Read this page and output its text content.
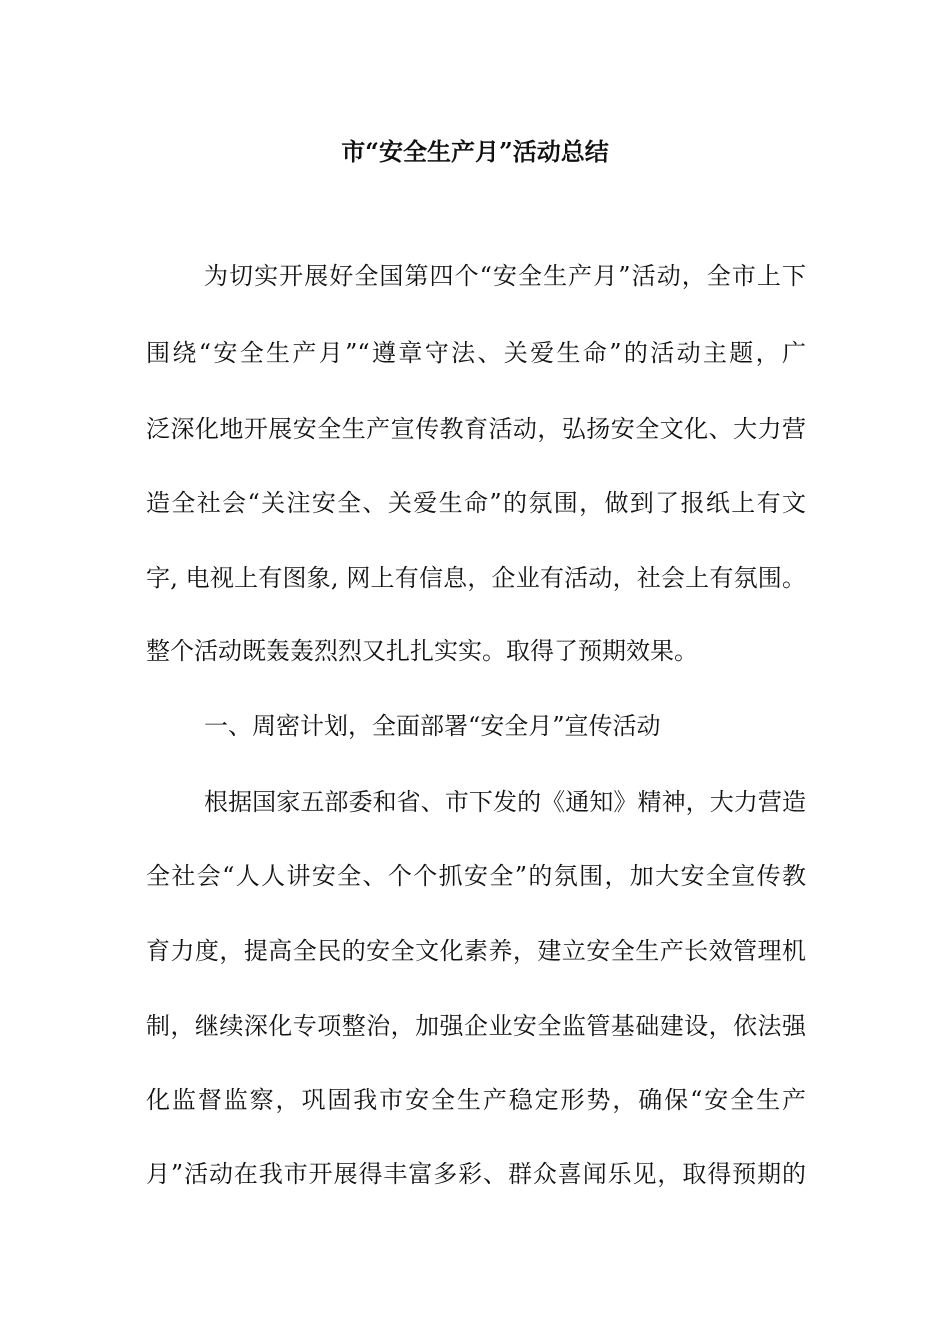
市“安全生产月”活动总结
为切实开展好全国第四个“安全生产月”活动，全市上下
围绕“安全生产月”“遵章守法、关爱生命”的活动主题，广
泛深化地开展安全生产宣传教育活动，弘扬安全文化、大力营
造全社会“关注安全、关爱生命”的氛围，做到了报纸上有文
字, 电视上有图象, 网上有信息，企业有活动，社会上有氛围。
整个活动既轰轰烈烈又扎扎实实。取得了预期效果。
一、周密计划，全面部署“安全月”宣传活动
根据国家五部委和省、市下发的《通知》精神，大力营造
全社会“人人讲安全、个个抓安全”的氛围，加大安全宣传教
育力度，提高全民的安全文化素养，建立安全生产长效管理机
制，继续深化专项整治，加强企业安全监管基础建设，依法强
化监督监察，巩固我市安全生产稳定形势，确保“安全生产
月”活动在我市开展得丰富多彩、群众喜闻乐见，取得预期的
